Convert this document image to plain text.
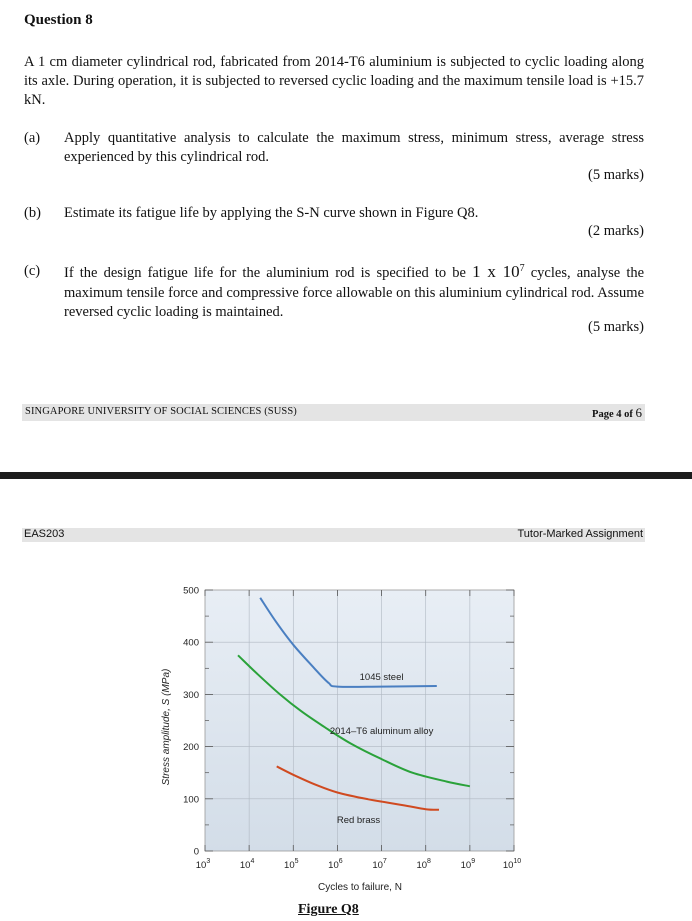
Question 8
A 1 cm diameter cylindrical rod, fabricated from 2014-T6 aluminium is subjected to cyclic loading along its axle. During operation, it is subjected to reversed cyclic loading and the maximum tensile load is +15.7 kN.
(a) Apply quantitative analysis to calculate the maximum stress, minimum stress, average stress experienced by this cylindrical rod.
(5 marks)
(b) Estimate its fatigue life by applying the S-N curve shown in Figure Q8.
(2 marks)
(c) If the design fatigue life for the aluminium rod is specified to be 1 x $10^7$ cycles, analyse the maximum tensile force and compressive force allowable on this aluminium cylindrical rod. Assume reversed cyclic loading is maintained.
(5 marks)
SINGAPORE UNIVERSITY OF SOCIAL SCIENCES (SUSS)	Page 4 of 6
EAS203	Tutor-Marked Assignment
$10^3$	$10^4$	$10^5$	$10^6$	$10^7$	$10^8$	$10^9$	$10^{10}$
0
100
200
300
400
500
1045 steel
2014–T6 aluminum alloy
Red brass
Stress amplitude, S (MPa)
Cycles to failure, N
Figure Q8
